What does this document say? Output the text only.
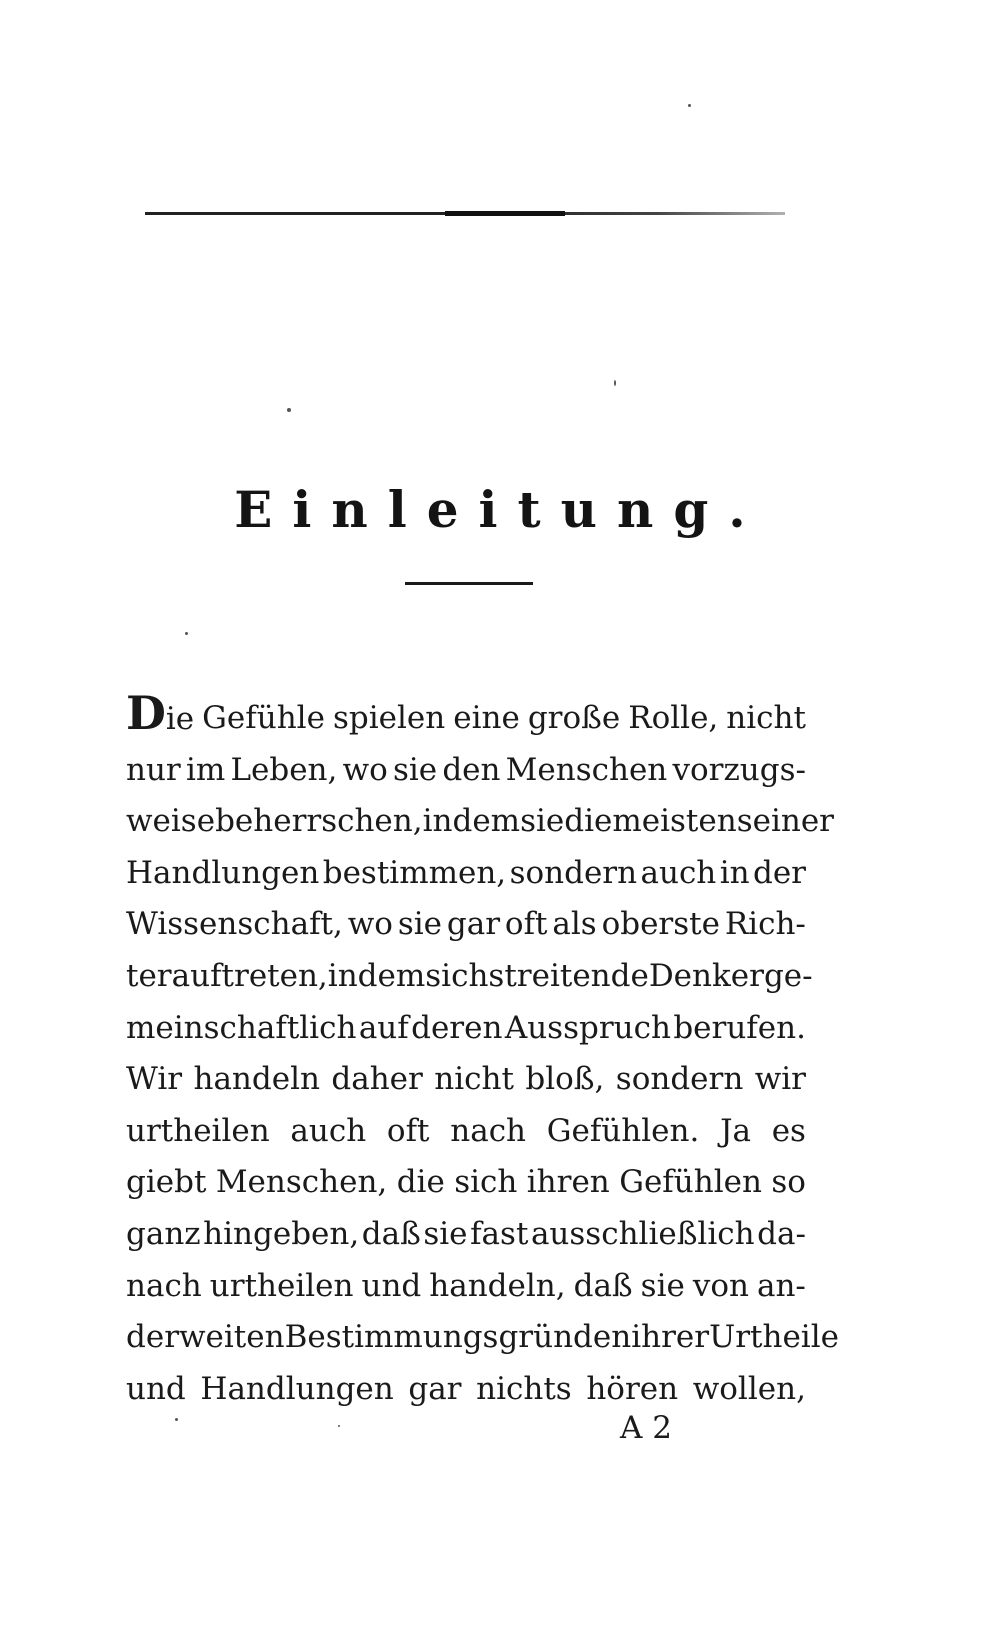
Einleitung.
Die Gefühle spielen eine große Rolle, nicht
nur im Leben, wo sie den Menschen vorzugs-
weise beherrschen, indem sie die meisten seiner
Handlungen bestimmen, sondern auch in der
Wissenschaft, wo sie gar oft als oberste Rich-
ter auftreten, indem sich streitende Denker ge-
meinschaftlich auf deren Ausspruch berufen.
Wir handeln daher nicht bloß, sondern wir
urtheilen auch oft nach Gefühlen. Ja es
giebt Menschen, die sich ihren Gefühlen so
ganz hingeben, daß sie fast ausschließlich da-
nach urtheilen und handeln, daß sie von an-
derweiten Bestimmungsgründen ihrer Urtheile
und Handlungen gar nichts hören wollen,
A 2
